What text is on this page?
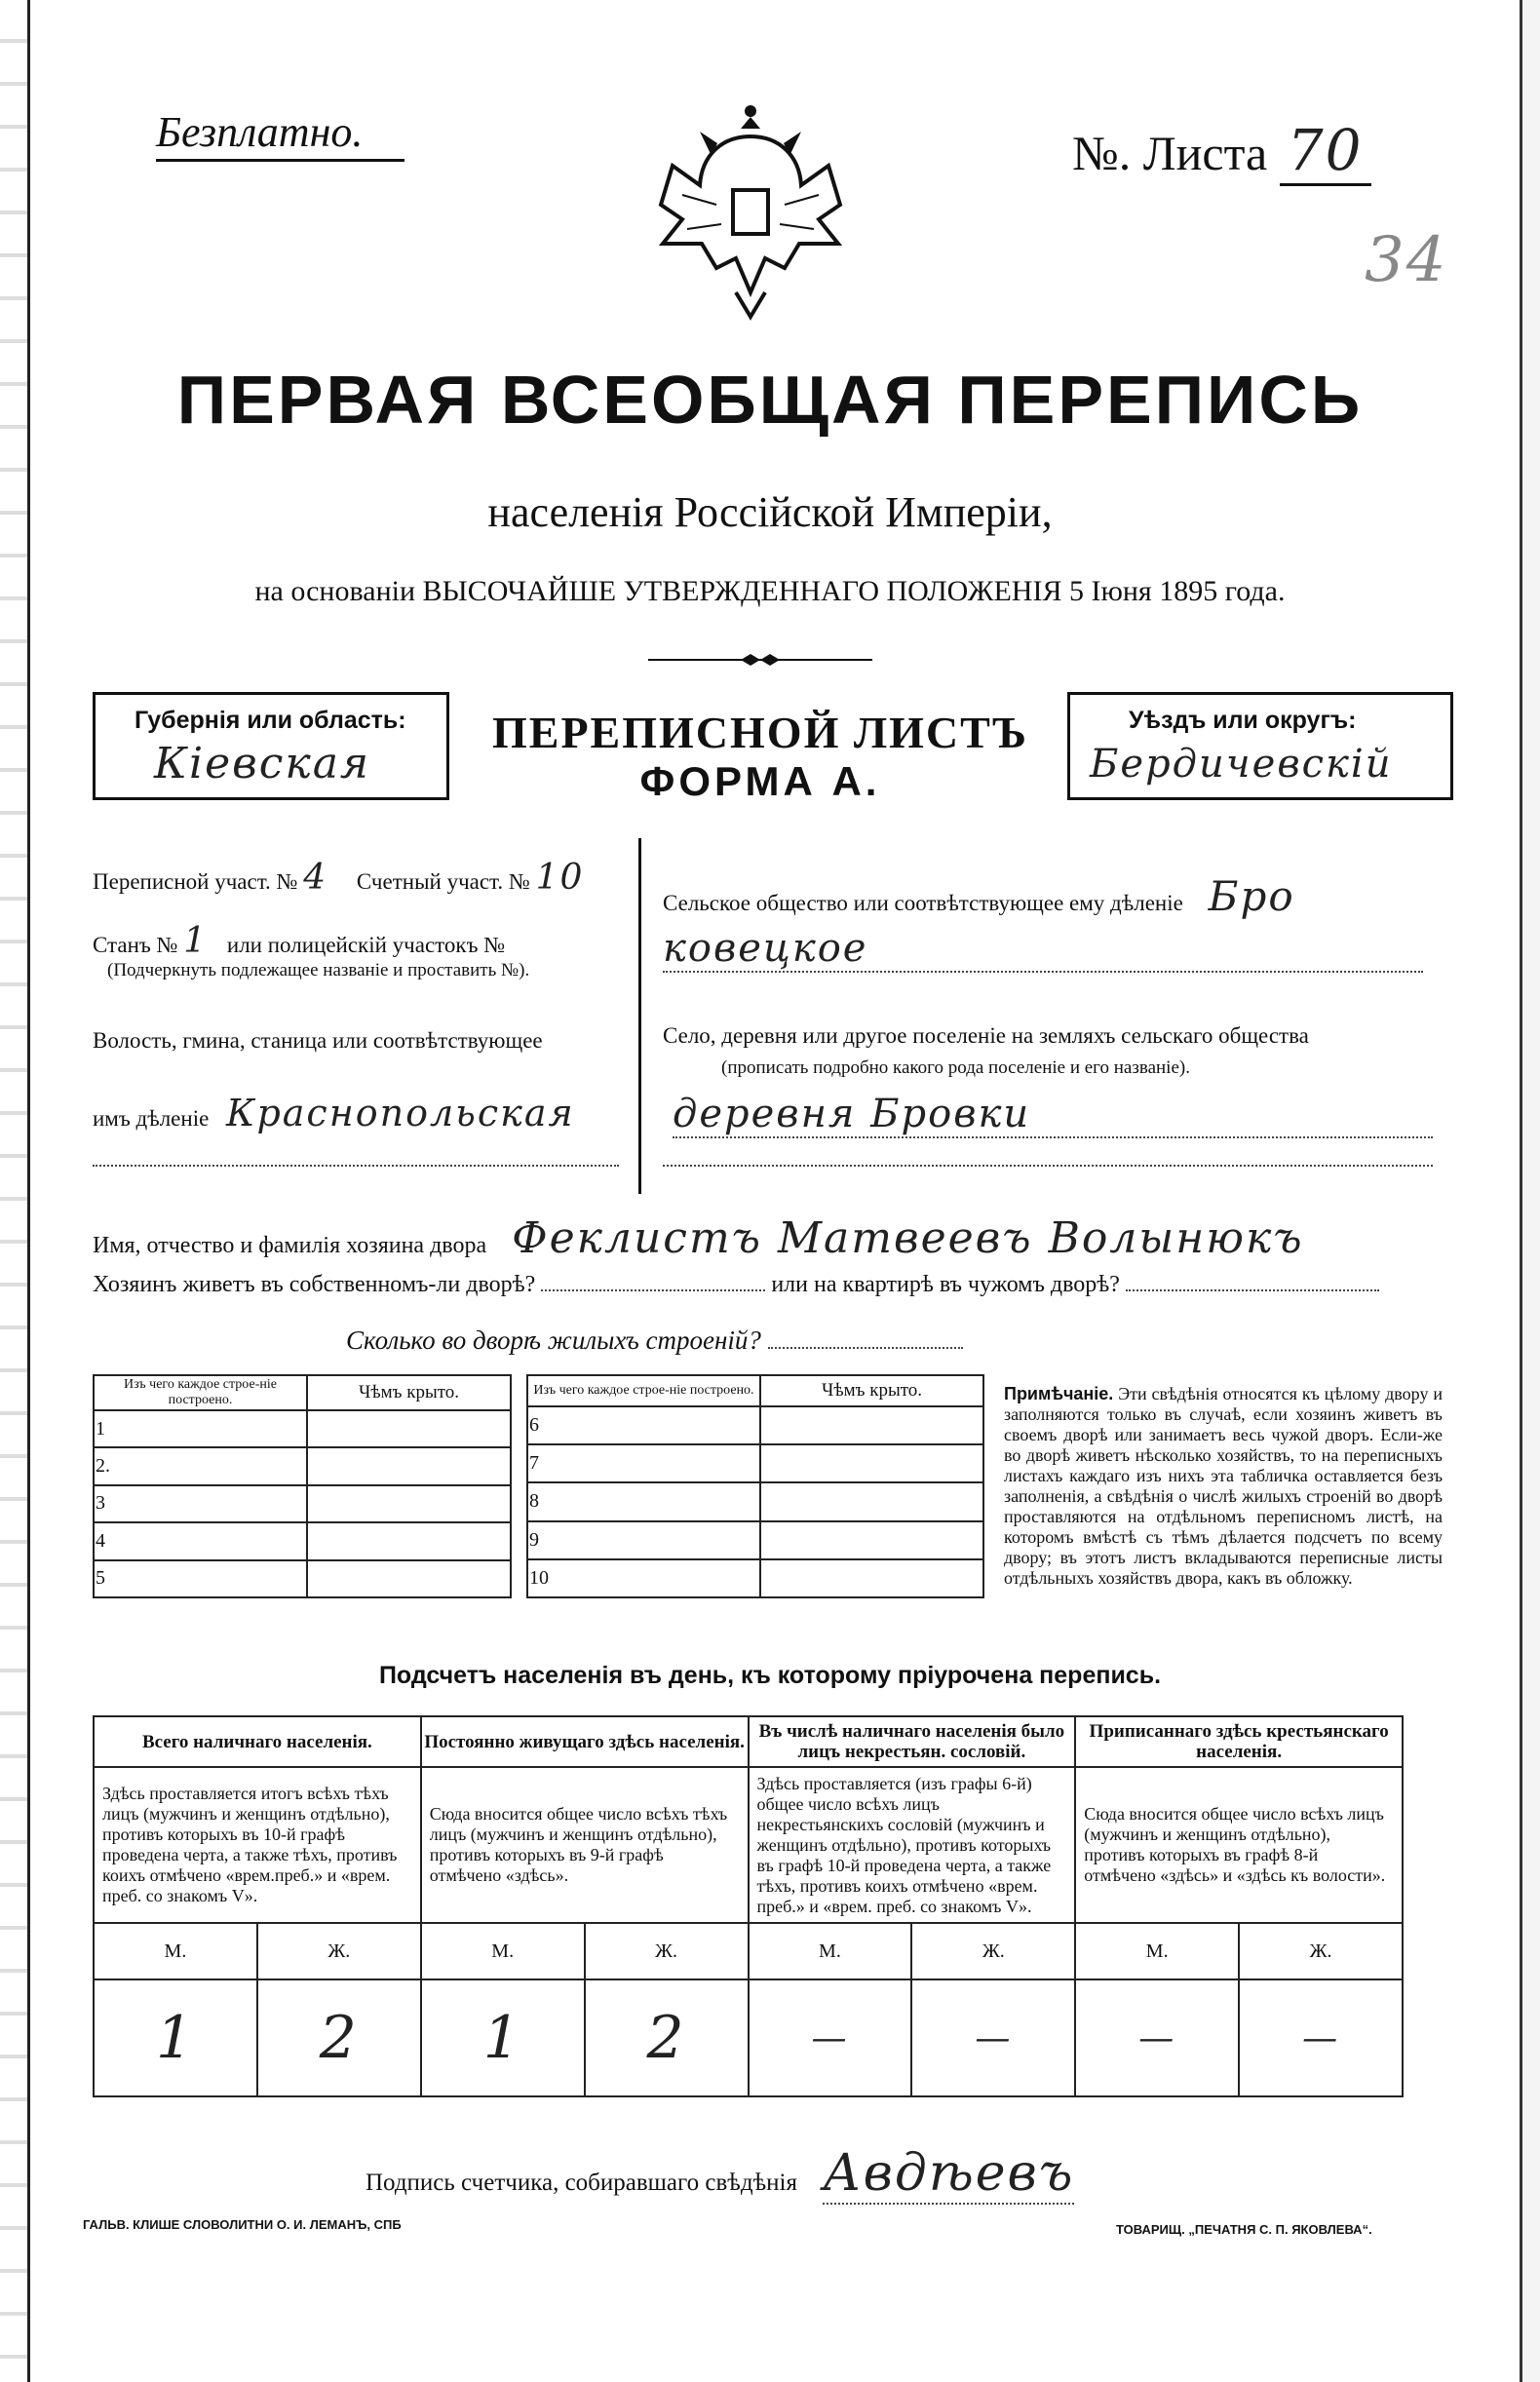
Безплатно.	№. Листа 70
34
ПЕРВАЯ ВСЕОБЩАЯ ПЕРЕПИСЬ
населенія Россійской Имперіи,
на основаніи ВЫСОЧАЙШЕ УТВЕРЖДЕННАГО ПОЛОЖЕНІЯ 5 Іюня 1895 года.
Губернія или область:
Кіевская
ПЕРЕПИСНОЙ ЛИСТЪ
ФОРМА А.
Уѣздъ или округъ:
Бердичевскій
Переписной участ. № 4 Счетный участ. № 10
Станъ № 1 или полицейскій участокъ №
(Подчеркнуть подлежащее названіе и проставить №).
Волость, гмина, станица или соотвѣтствующее
имъ дѣленіе Краснопольская
Сельское общество или соотвѣтствующее ему дѣленіе Бро
ковецкое
Село, деревня или другое поселеніе на земляхъ сельскаго общества
(прописать подробно какого рода поселеніе и его названіе).
деревня Бровки
Имя, отчество и фамилія хозяина двора Феклистъ Матвеевъ Волынюкъ
Хозяинъ живетъ въ собственномъ-ли дворѣ?	или на квартирѣ въ чужомъ дворѣ?
Сколько во дворѣ жилыхъ строеній?
Изъ чего каждое строе-ніе построено.	Чѣмъ крыто.
1	
2.	
3	
4	
5	
Изъ чего каждое строе-ніе построено.	Чѣмъ крыто.
6	
7	
8	
9	
10	
Примѣчаніе. Эти свѣдѣнія относятся къ цѣлому двору и заполняются только въ случаѣ, если хозяинъ живетъ въ своемъ дворѣ или занимаетъ весь чужой дворъ. Если-же во дворѣ живетъ нѣсколько хозяйствъ, то на переписныхъ листахъ каждаго изъ нихъ эта табличка оставляется безъ заполненія, а свѣдѣнія о числѣ жилыхъ строеній во дворѣ проставляются на отдѣльномъ переписномъ листѣ, на которомъ вмѣстѣ съ тѣмъ дѣлается подсчетъ по всему двору; въ этотъ листъ вкладываются переписные листы отдѣльныхъ хозяйствъ двора, какъ въ обложку.
Подсчетъ населенія въ день, къ которому пріурочена перепись.
Всего наличнаго населенія.		Постоянно живущаго здѣсь населенія.		Въ числѣ наличнаго населенія было лицъ некрестьян. сословій.		Приписаннаго здѣсь крестьянскаго населенія.	
Здѣсь проставляется итогъ всѣхъ тѣхъ лицъ (мужчинъ и женщинъ отдѣльно), противъ которыхъ въ 10-й графѣ проведена черта, а также тѣхъ, противъ коихъ отмѣчено «врем.преб.» и «врем. преб. со знакомъ V».		Сюда вносится общее число всѣхъ тѣхъ лицъ (мужчинъ и женщинъ отдѣльно), противъ которыхъ въ 9-й графѣ отмѣчено «здѣсь».		Здѣсь проставляется (изъ графы 6-й) общее число всѣхъ лицъ некрестьянскихъ сословій (мужчинъ и женщинъ отдѣльно), противъ которыхъ въ графѣ 10-й проведена черта, а также тѣхъ, противъ коихъ отмѣчено «врем. преб.» и «врем. преб. со знакомъ V».		Сюда вносится общее число всѣхъ лицъ (мужчинъ и женщинъ отдѣльно), противъ которыхъ въ графѣ 8-й отмѣчено «здѣсь» и «здѣсь къ волости».	
М.	Ж.	М.	Ж.	М.	Ж.	М.	Ж.
1	2	1	2	—	—	—	—
Подпись счетчика, собиравшаго свѣдѣнія Авдѣевъ
ГАЛЬВ. КЛИШЕ СЛОВОЛИТНИ О. И. ЛЕМАНЪ, СПБ	ТОВАРИЩ. „ПЕЧАТНЯ С. П. ЯКОВЛЕВА“.
